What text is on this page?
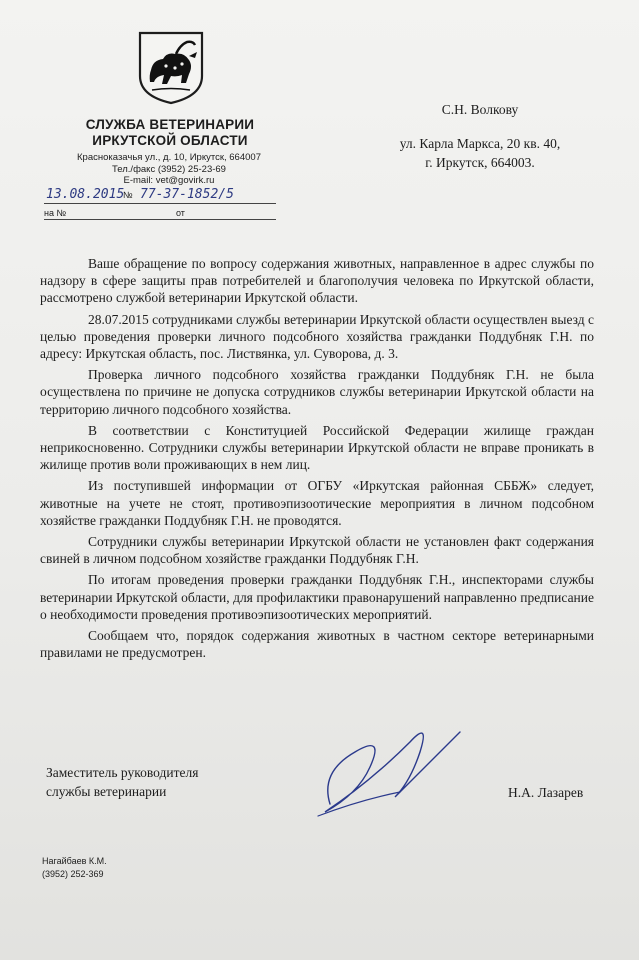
СЛУЖБА ВЕТЕРИНАРИИ
ИРКУТСКОЙ ОБЛАСТИ
Красноказачья ул., д. 10, Иркутск, 664007
Тел./факс (3952) 25-23-69
E-mail: vet@govirk.ru
13.08.2015
№ 77-37-1852/5
на №	от
С.Н. Волкову
ул. Карла Маркса, 20 кв. 40,
г. Иркутск, 664003.

Ваше обращение по вопросу содержания животных, направленное в адрес службы по надзору в сфере защиты прав потребителей и благополучия человека по Иркутской области, рассмотрено службой ветеринарии Иркутской области.

28.07.2015 сотрудниками службы ветеринарии Иркутской области осуществлен выезд с целью проведения проверки личного подсобного хозяйства гражданки Поддубняк Г.Н. по адресу: Иркутская область, пос. Листвянка, ул. Суворова, д. 3.

Проверка личного подсобного хозяйства гражданки Поддубняк Г.Н. не была осуществлена по причине не допуска сотрудников службы ветеринарии Иркутской области на территорию личного подсобного хозяйства.

В соответствии с Конституцией Российской Федерации жилище граждан неприкосновенно. Сотрудники службы ветеринарии Иркутской области не вправе проникать в жилище против воли проживающих в нем лиц.

Из поступившей информации от ОГБУ «Иркутская районная СББЖ» следует, животные на учете не стоят, противоэпизоотические мероприятия в личном подсобном хозяйстве гражданки Поддубняк Г.Н. не проводятся.

Сотрудники службы ветеринарии Иркутской области не установлен факт содержания свиней в личном подсобном хозяйстве гражданки Поддубняк Г.Н.

По итогам проведения проверки гражданки Поддубняк Г.Н., инспекторами службы ветеринарии Иркутской области, для профилактики правонарушений направленно предписание о необходимости проведения противоэпизоотических мероприятий.

Сообщаем что, порядок содержания животных в частном секторе ветеринарными правилами не предусмотрен.

Заместитель руководителя
службы ветеринарии	Н.А. Лазарев
Нагайбаев К.М.
(3952) 252-369
